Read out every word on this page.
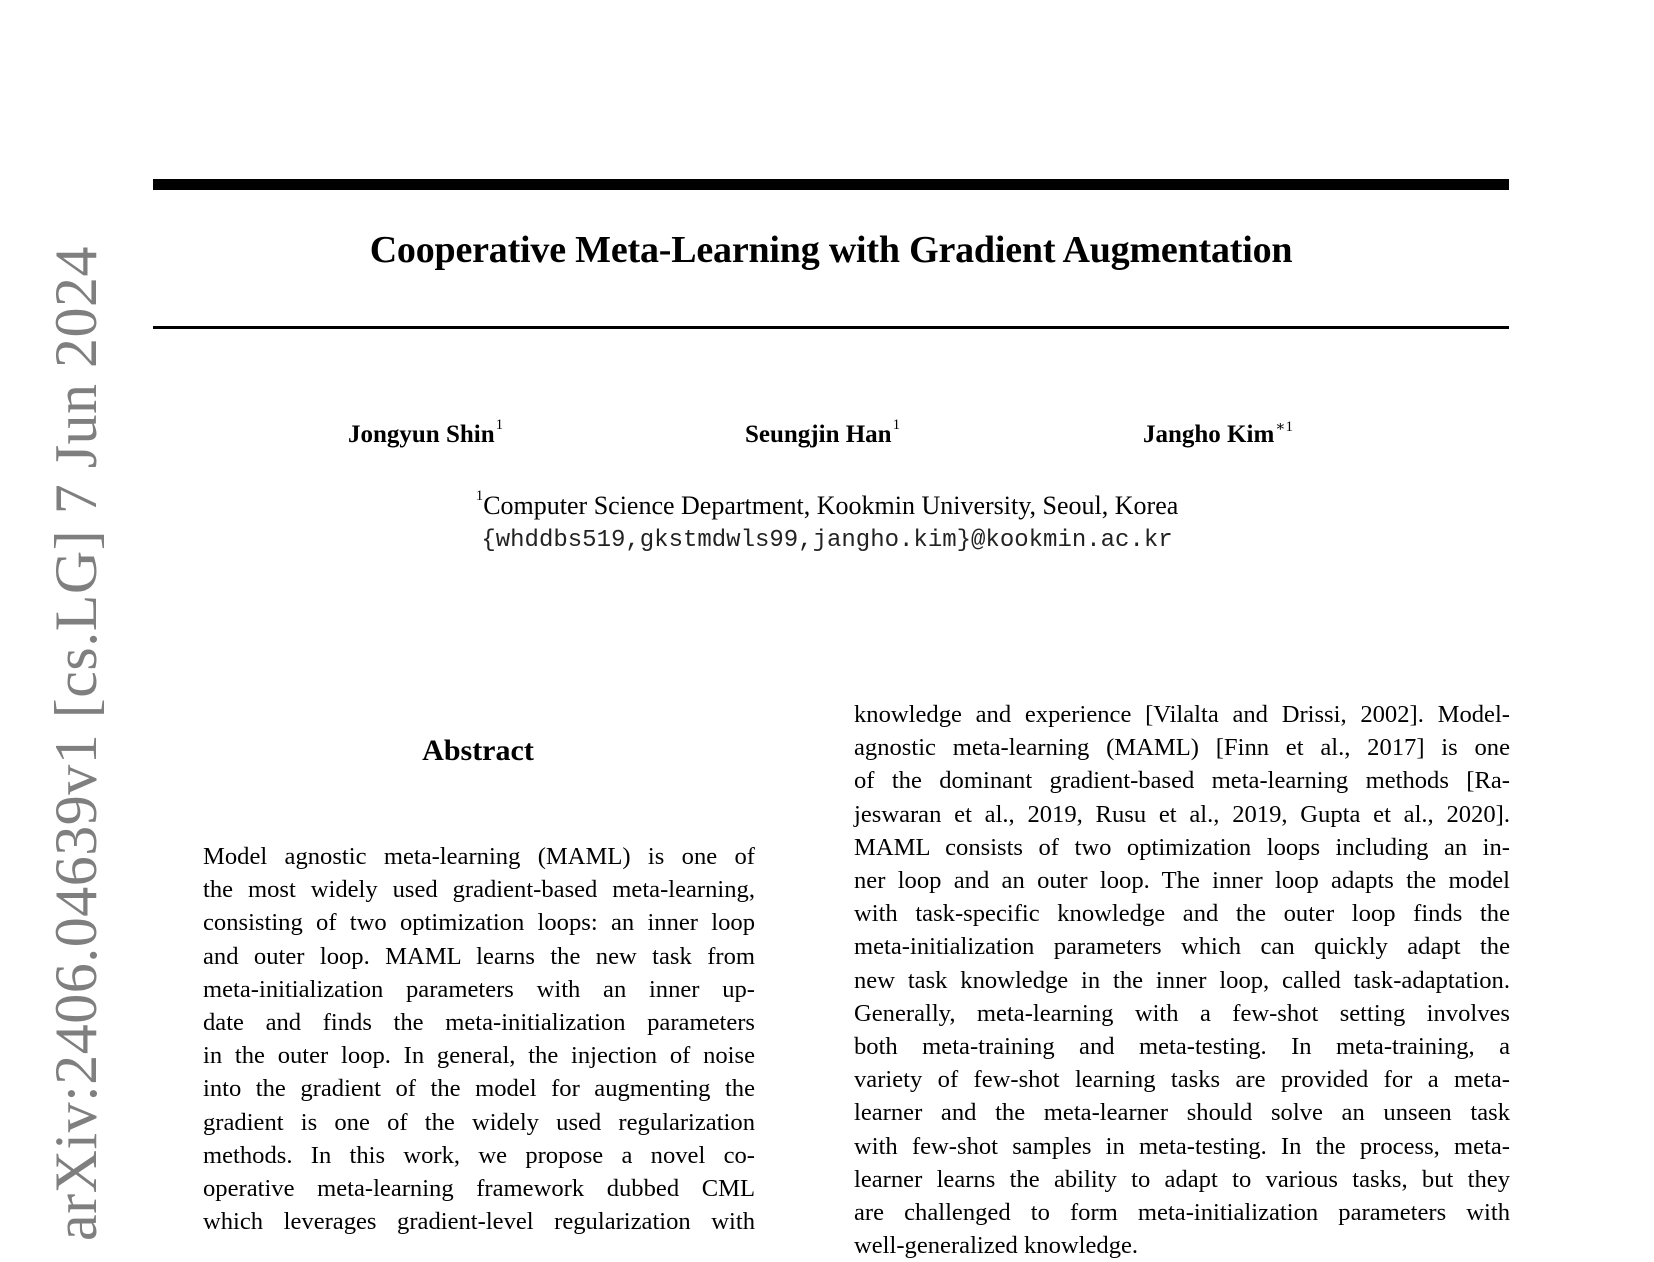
arXiv:2406.04639v1 [cs.LG] 7 Jun 2024	Cooperative Meta-Learning with Gradient Augmentation
Jongyun Shin$^1$	Seungjin Han$^1$	Jangho Kim$^{∗1}$
$^1$Computer Science Department, Kookmin University, Seoul, Korea
{whddbs519,gkstmdwls99,jangho.kim}@kookmin.ac.kr
Abstract
Model agnostic meta-learning (MAML) is one of
the most widely used gradient-based meta-learning,
consisting of two optimization loops: an inner loop
and outer loop. MAML learns the new task from
meta-initialization parameters with an inner up-
date and finds the meta-initialization parameters
in the outer loop. In general, the injection of noise
into the gradient of the model for augmenting the
gradient is one of the widely used regularization
methods. In this work, we propose a novel co-
operative meta-learning framework dubbed CML
which leverages gradient-level regularization with
knowledge and experience [Vilalta and Drissi, 2002]. Model-
agnostic meta-learning (MAML) [Finn et al., 2017] is one
of the dominant gradient-based meta-learning methods [Ra-
jeswaran et al., 2019, Rusu et al., 2019, Gupta et al., 2020].
MAML consists of two optimization loops including an in-
ner loop and an outer loop. The inner loop adapts the model
with task-specific knowledge and the outer loop finds the
meta-initialization parameters which can quickly adapt the
new task knowledge in the inner loop, called task-adaptation.
Generally, meta-learning with a few-shot setting involves
both meta-training and meta-testing. In meta-training, a
variety of few-shot learning tasks are provided for a meta-
learner and the meta-learner should solve an unseen task
with few-shot samples in meta-testing. In the process, meta-
learner learns the ability to adapt to various tasks, but they
are challenged to form meta-initialization parameters with
well-generalized knowledge.
